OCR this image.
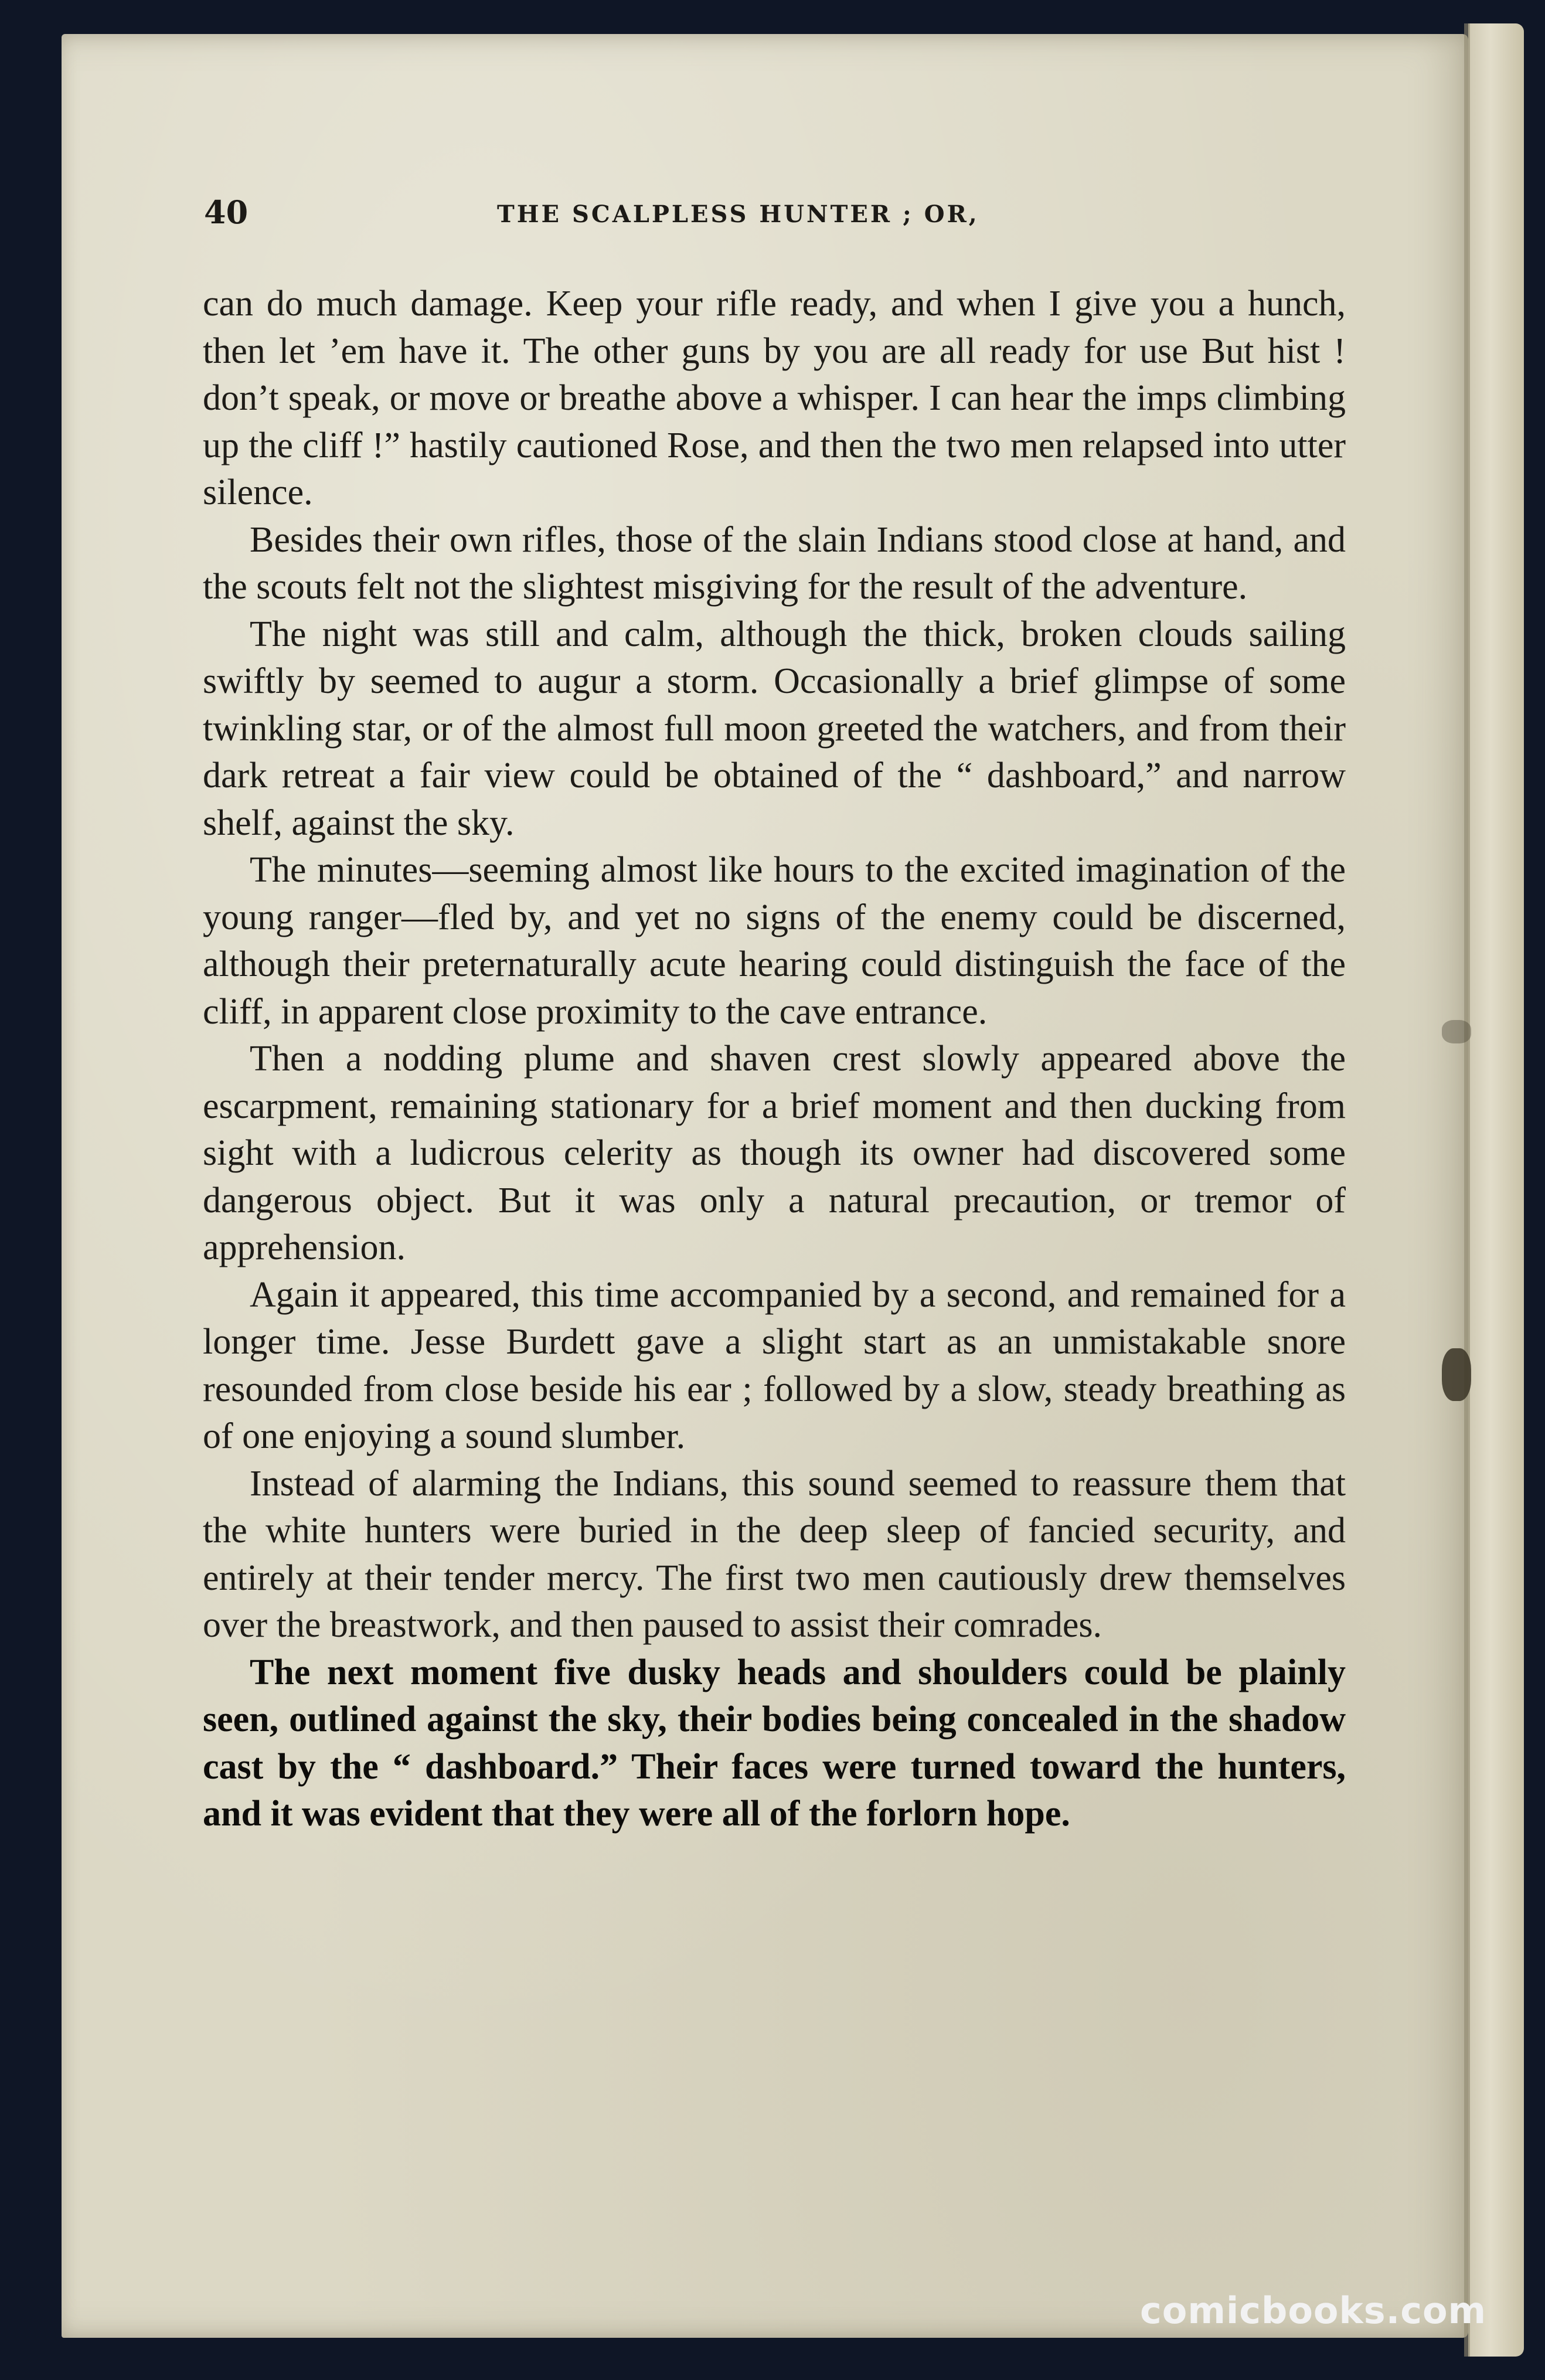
40	THE SCALPLESS HUNTER ; OR,

can do much damage. Keep your rifle ready, and when I give you a hunch, then let ’em have it. The other guns by you are all ready for use But hist ! don’t speak, or move or breathe above a whisper. I can hear the imps climbing up the cliff !” hastily cautioned Rose, and then the two men relapsed into utter silence.

Besides their own rifles, those of the slain Indians stood close at hand, and the scouts felt not the slightest misgiving for the result of the adventure.

The night was still and calm, although the thick, broken clouds sailing swiftly by seemed to augur a storm. Occasionally a brief glimpse of some twinkling star, or of the almost full moon greeted the watchers, and from their dark retreat a fair view could be obtained of the “ dashboard,” and narrow shelf, against the sky.

The minutes—seeming almost like hours to the excited imagination of the young ranger—fled by, and yet no signs of the enemy could be discerned, although their preternaturally acute hearing could distinguish the face of the cliff, in apparent close proximity to the cave entrance.

Then a nodding plume and shaven crest slowly appeared above the escarpment, remaining stationary for a brief moment and then ducking from sight with a ludicrous celerity as though its owner had discovered some dangerous object. But it was only a natural precaution, or tremor of apprehension.

Again it appeared, this time accompanied by a second, and remained for a longer time. Jesse Burdett gave a slight start as an unmistakable snore resounded from close beside his ear ; followed by a slow, steady breathing as of one enjoying a sound slumber.

Instead of alarming the Indians, this sound seemed to reassure them that the white hunters were buried in the deep sleep of fancied security, and entirely at their tender mercy. The first two men cautiously drew themselves over the breastwork, and then paused to assist their comrades.

The next moment five dusky heads and shoulders could be plainly seen, outlined against the sky, their bodies being concealed in the shadow cast by the “ dashboard.” Their faces were turned toward the hunters, and it was evident that they were all of the forlorn hope.

comicbooks.com
